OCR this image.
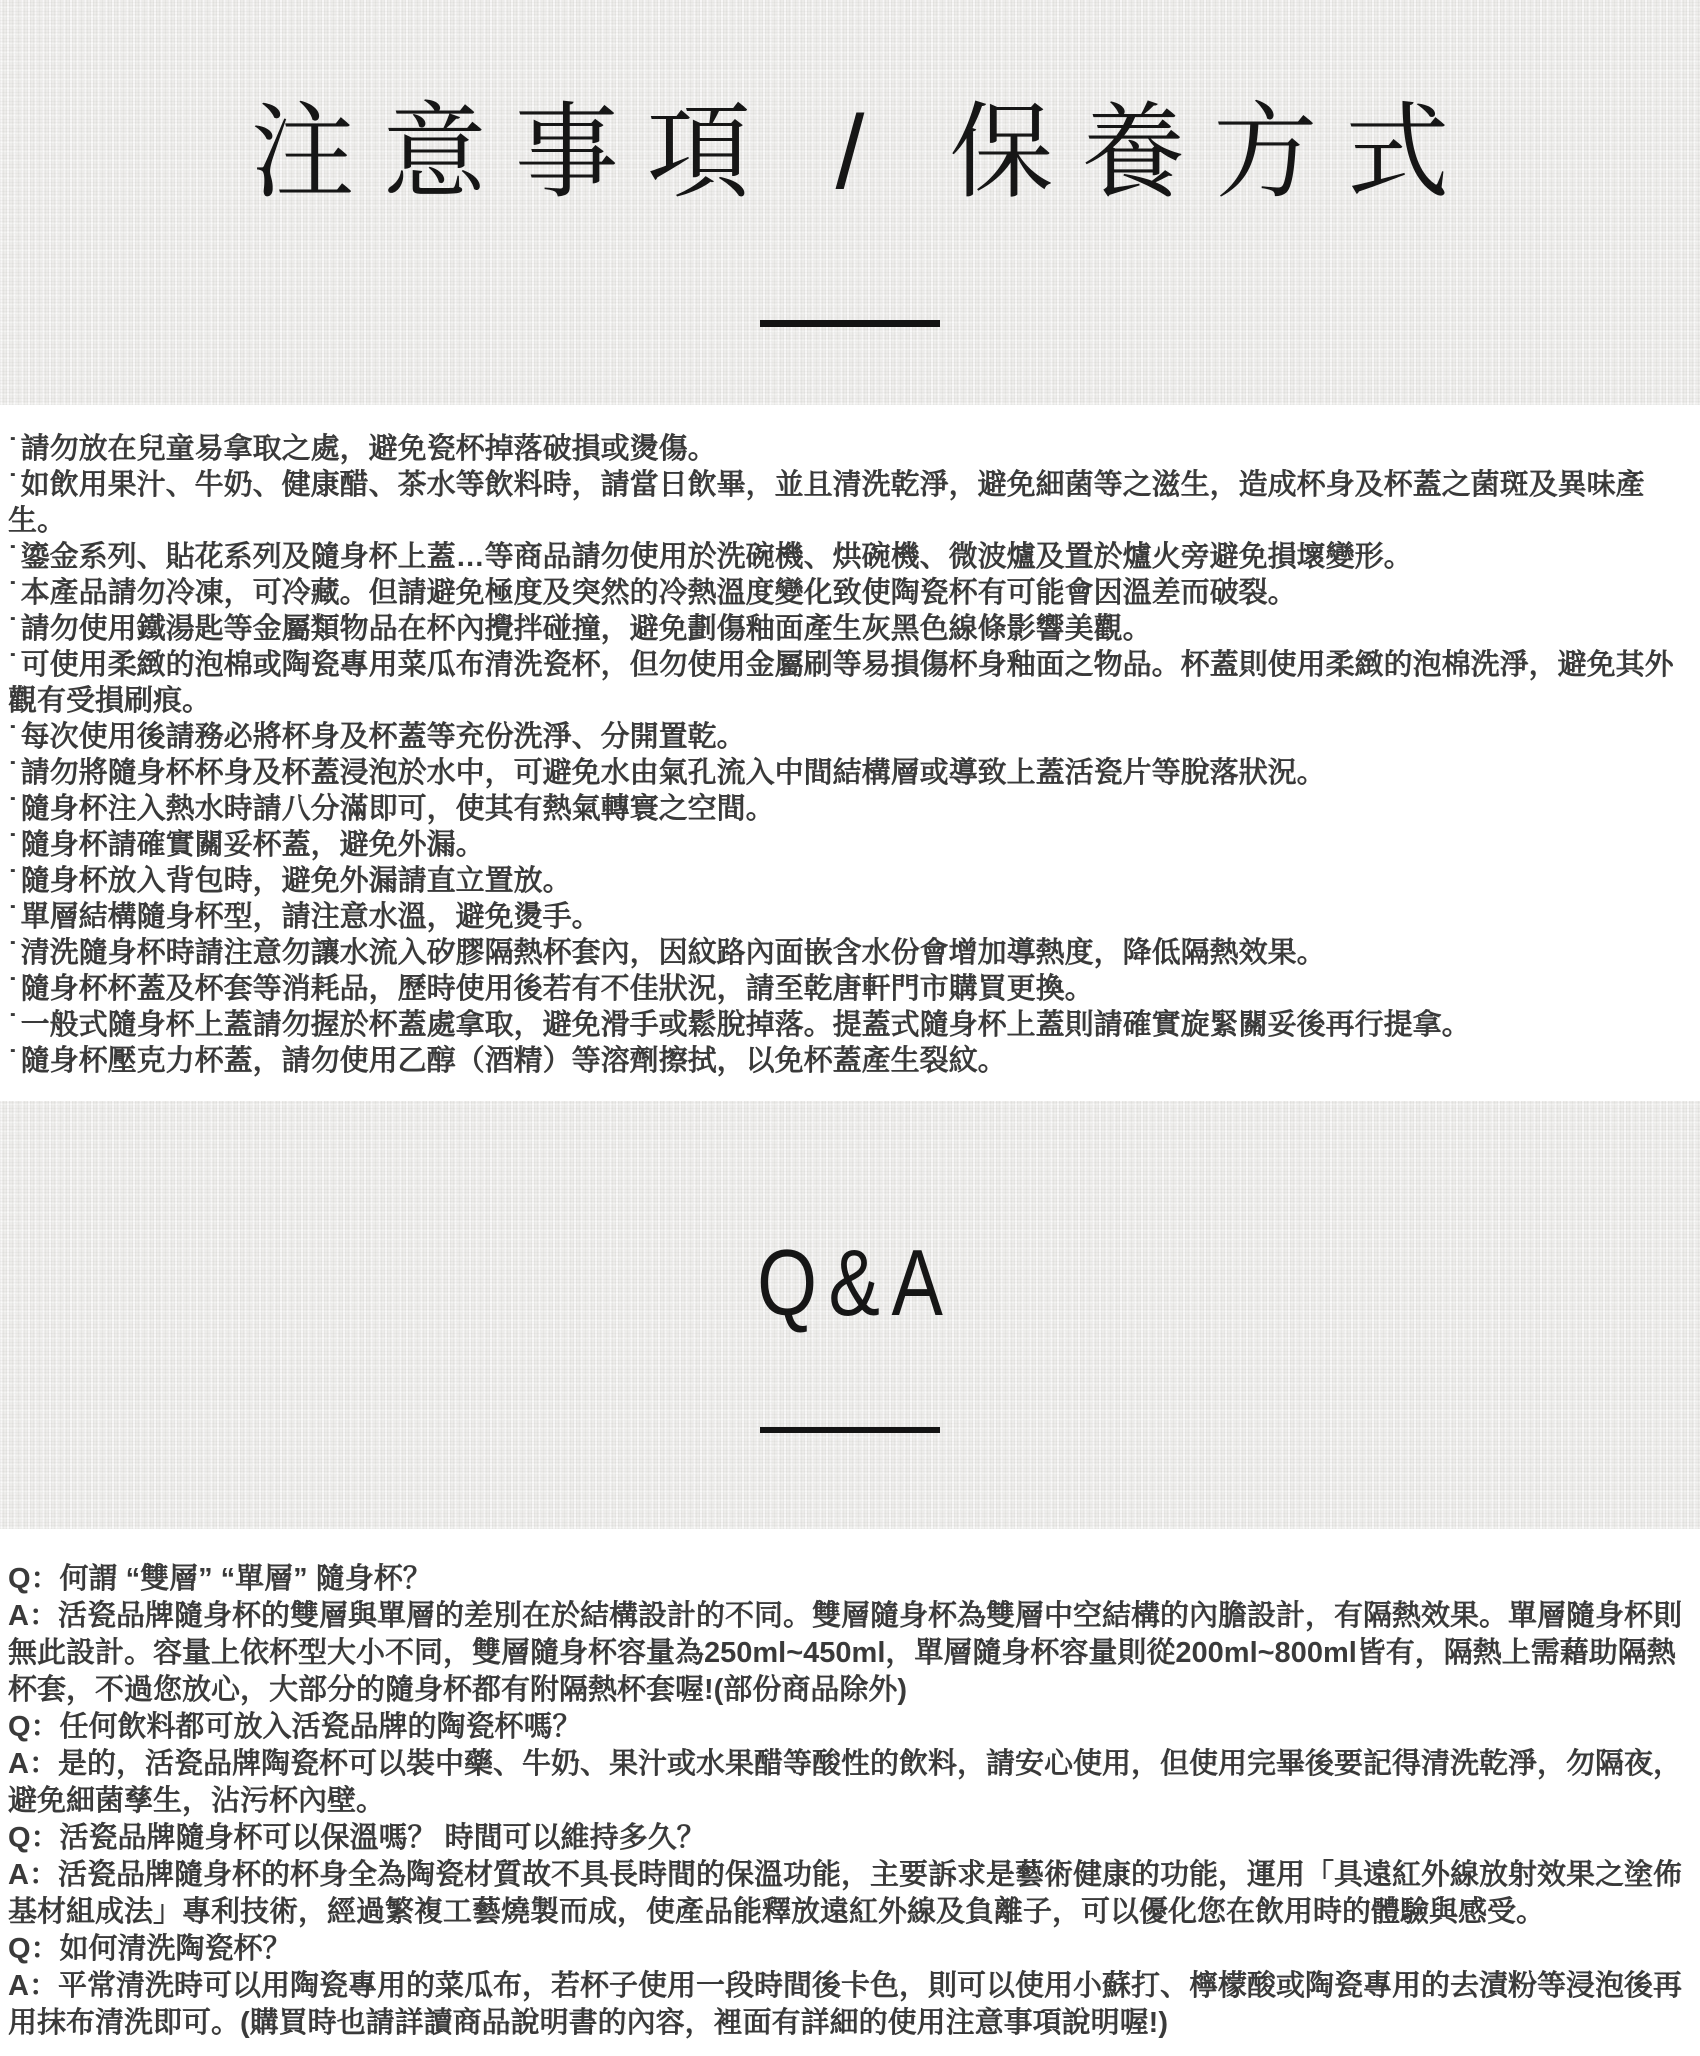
注意事項 / 保養方式

˙ 請勿放在兒童易拿取之處，避免瓷杯掉落破損或燙傷。

˙ 如飲用果汁、牛奶、健康醋、茶水等飲料時，請當日飲畢，並且清洗乾淨，避免細菌等之滋生，造成杯身及杯蓋之菌斑及異味產生。

˙ 鎏金系列、貼花系列及隨身杯上蓋…等商品請勿使用於洗碗機、烘碗機、微波爐及置於爐火旁避免損壞變形。

˙ 本產品請勿冷凍，可冷藏。但請避免極度及突然的冷熱溫度變化致使陶瓷杯有可能會因溫差而破裂。

˙ 請勿使用鐵湯匙等金屬類物品在杯內攪拌碰撞，避免劃傷釉面產生灰黑色線條影響美觀。

˙ 可使用柔緻的泡棉或陶瓷專用菜瓜布清洗瓷杯，但勿使用金屬刷等易損傷杯身釉面之物品。杯蓋則使用柔緻的泡棉洗淨，避免其外觀有受損刷痕。

˙ 每次使用後請務必將杯身及杯蓋等充份洗淨、分開置乾。

˙ 請勿將隨身杯杯身及杯蓋浸泡於水中，可避免水由氣孔流入中間結構層或導致上蓋活瓷片等脫落狀況。

˙ 隨身杯注入熱水時請八分滿即可，使其有熱氣轉寰之空間。

˙ 隨身杯請確實關妥杯蓋，避免外漏。

˙ 隨身杯放入背包時，避免外漏請直立置放。

˙ 單層結構隨身杯型，請注意水溫，避免燙手。

˙ 清洗隨身杯時請注意勿讓水流入矽膠隔熱杯套內，因紋路內面嵌含水份會增加導熱度，降低隔熱效果。

˙ 隨身杯杯蓋及杯套等消耗品，歷時使用後若有不佳狀況，請至乾唐軒門市購買更換。

˙ 一般式隨身杯上蓋請勿握於杯蓋處拿取，避免滑手或鬆脫掉落。提蓋式隨身杯上蓋則請確實旋緊關妥後再行提拿。

˙ 隨身杯壓克力杯蓋，請勿使用乙醇（酒精）等溶劑擦拭，以免杯蓋產生裂紋。

Q&A

Q：何謂 “雙層” “單層” 隨身杯？

A：活瓷品牌隨身杯的雙層與單層的差別在於結構設計的不同。雙層隨身杯為雙層中空結構的內膽設計，有隔熱效果。單層隨身杯則無此設計。容量上依杯型大小不同，雙層隨身杯容量為250ml~450ml，單層隨身杯容量則從200ml~800ml皆有，隔熱上需藉助隔熱杯套，不過您放心，大部分的隨身杯都有附隔熱杯套喔!(部份商品除外)

Q：任何飲料都可放入活瓷品牌的陶瓷杯嗎？

A：是的，活瓷品牌陶瓷杯可以裝中藥、牛奶、果汁或水果醋等酸性的飲料，請安心使用，但使用完畢後要記得清洗乾淨，勿隔夜，避免細菌孳生，沾污杯內壁。

Q：活瓷品牌隨身杯可以保溫嗎？ 時間可以維持多久？

A：活瓷品牌隨身杯的杯身全為陶瓷材質故不具長時間的保溫功能，主要訴求是藝術健康的功能，運用「具遠紅外線放射效果之塗佈基材組成法」專利技術，經過繁複工藝燒製而成，使產品能釋放遠紅外線及負離子，可以優化您在飲用時的體驗與感受。

Q：如何清洗陶瓷杯？

A：平常清洗時可以用陶瓷專用的菜瓜布，若杯子使用一段時間後卡色，則可以使用小蘇打、檸檬酸或陶瓷專用的去漬粉等浸泡後再用抹布清洗即可。(購買時也請詳讀商品說明書的內容，裡面有詳細的使用注意事項說明喔!)
